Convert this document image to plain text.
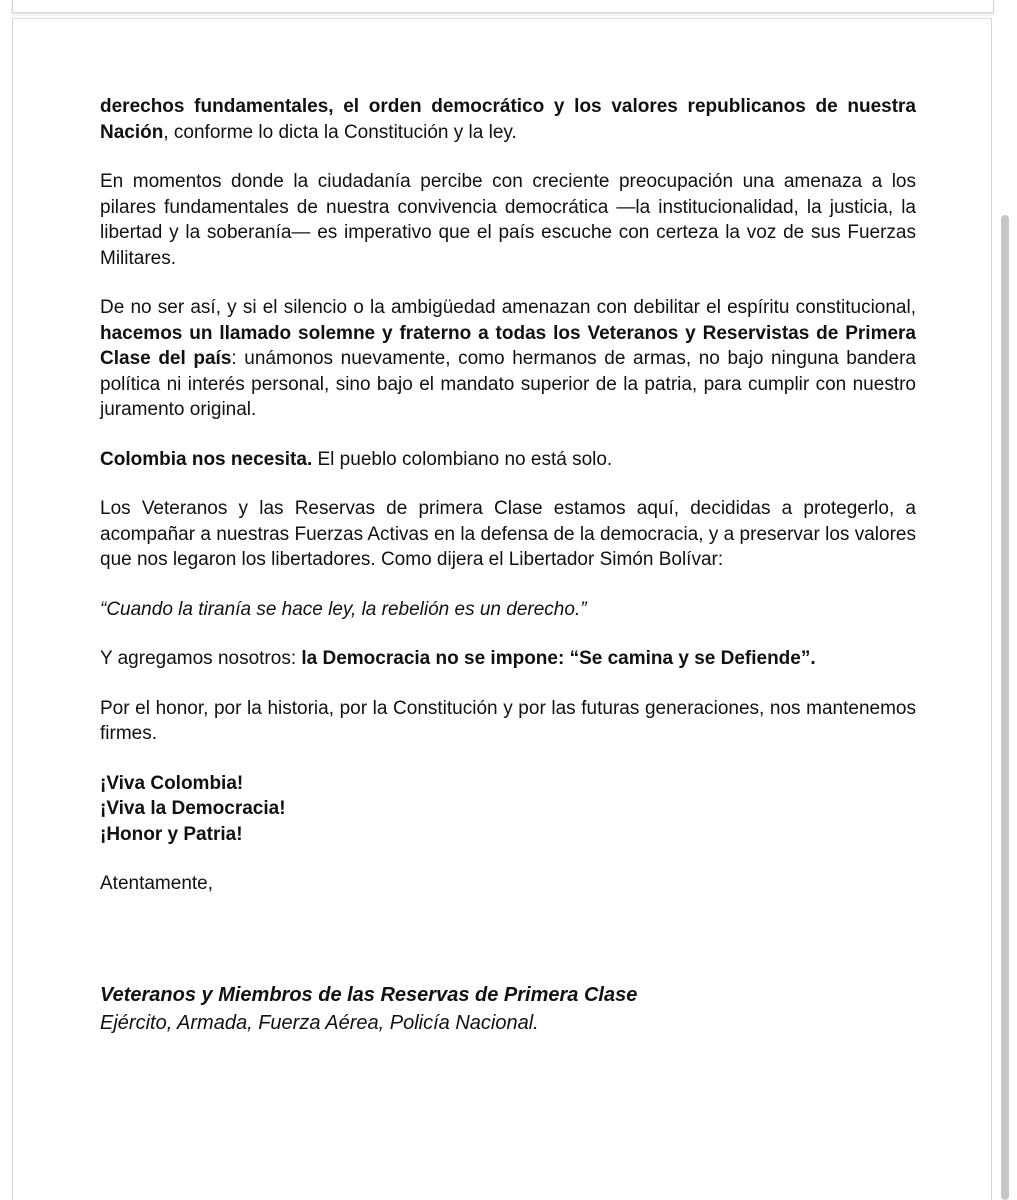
derechos fundamentales, el orden democrático y los valores republicanos de nuestra Nación, conforme lo dicta la Constitución y la ley.

En momentos donde la ciudadanía percibe con creciente preocupación una amenaza a los pilares fundamentales de nuestra convivencia democrática —la institucionalidad, la justicia, la libertad y la soberanía— es imperativo que el país escuche con certeza la voz de sus Fuerzas Militares.

De no ser así, y si el silencio o la ambigüedad amenazan con debilitar el espíritu constitucional, hacemos un llamado solemne y fraterno a todas los Veteranos y Reservistas de Primera Clase del país: unámonos nuevamente, como hermanos de armas, no bajo ninguna bandera política ni interés personal, sino bajo el mandato superior de la patria, para cumplir con nuestro juramento original.

Colombia nos necesita. El pueblo colombiano no está solo.

Los Veteranos y las Reservas de primera Clase estamos aquí, decididas a protegerlo, a acompañar a nuestras Fuerzas Activas en la defensa de la democracia, y a preservar los valores que nos legaron los libertadores. Como dijera el Libertador Simón Bolívar:

“Cuando la tiranía se hace ley, la rebelión es un derecho.”

Y agregamos nosotros: la Democracia no se impone: “Se camina y se Defiende”.

Por el honor, por la historia, por la Constitución y por las futuras generaciones, nos mantenemos firmes.

¡Viva Colombia!
¡Viva la Democracia!
¡Honor y Patria!

Atentamente,

Veteranos y Miembros de las Reservas de Primera Clase
Ejército, Armada, Fuerza Aérea, Policía Nacional.
